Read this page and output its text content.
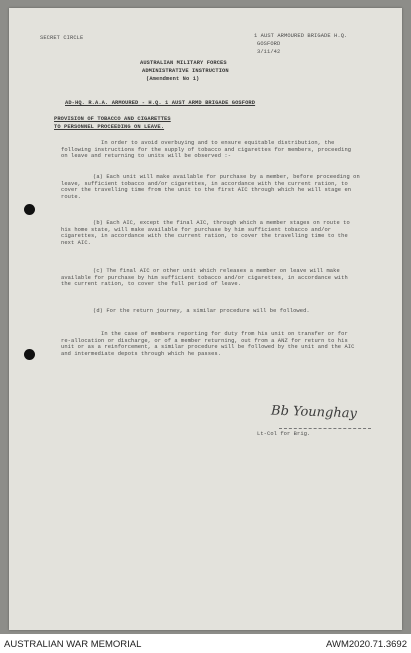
SECRET CIRCLE	1 AUST ARMOURED BRIGADE H.Q.

GOSFORD

3/11/42

AUSTRALIAN MILITARY FORCES

ADMINISTRATIVE INSTRUCTION

(Amendment No 1)

AD-HQ. R.A.A. ARMOURED - H.Q. 1 AUST ARMD BRIGADE GOSFORD

PROVISION OF TOBACCO AND CIGARETTES

TO PERSONNEL PROCEEDING ON LEAVE.

In order to avoid overbuying and to ensure equitable distribution, the following instructions for the supply of tobacco and cigarettes for members, proceeding on leave and returning to units will be observed :-

(a) Each unit will make available for purchase by a member, before proceeding on leave, sufficient tobacco and/or cigarettes, in accordance with the current ration, to cover the travelling time from the unit to the first AIC through which he will stage en route.

(b) Each AIC, except the final AIC, through which a member stages on route to his home state, will make available for purchase by him sufficient tobacco and/or cigarettes, in accordance with the current ration, to cover the travelling time to the next AIC.

(c) The final AIC or other unit which releases a member on leave will make available for purchase by him sufficient tobacco and/or cigarettes, in accordance with the current ration, to cover the full period of leave.

(d) For the return journey, a similar procedure will be followed.

In the case of members reporting for duty from his unit on transfer or for re-allocation or discharge, or of a member returning, out from a ANZ for return to his unit or as a reinforcement, a similar procedure will be followed by the unit and the AIC and intermediate depots through which he passes.

Bb Younghay

Lt-Col for Brig.

AUSTRALIAN WAR MEMORIAL	AWM2020.71.3692
